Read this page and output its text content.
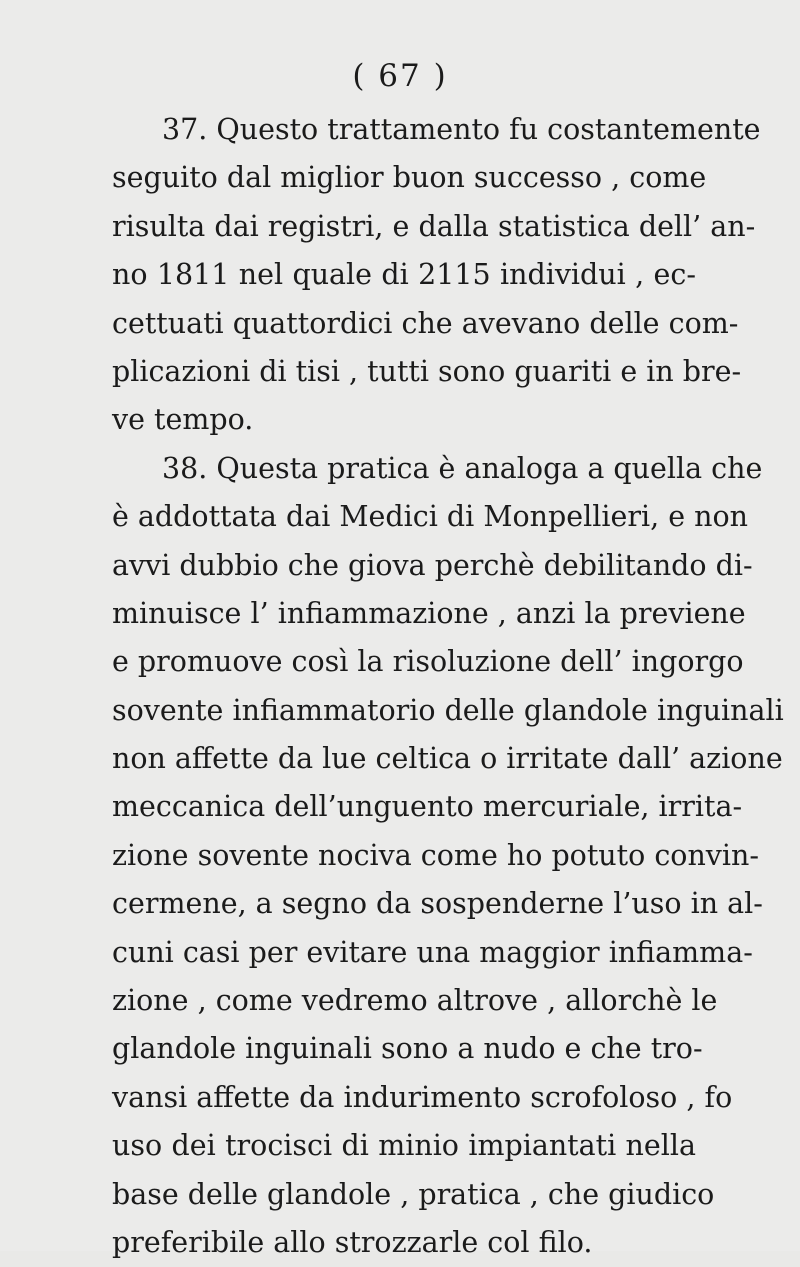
( 67 )
37. Questo trattamento fu costantemente
seguito dal miglior buon successo , come
risulta dai registri, e dalla statistica dell’ an-
no 1811 nel quale di 2115 individui , ec-
cettuati quattordici che avevano delle com-
plicazioni di tisi , tutti sono guariti e in bre-
ve tempo.
38. Questa pratica è analoga a quella che
è addottata dai Medici di Monpellieri, e non
avvi dubbio che giova perchè debilitando di-
minuisce l’ infiammazione , anzi la previene
e promuove così la risoluzione dell’ ingorgo
sovente infiammatorio delle glandole inguinali
non affette da lue celtica o irritate dall’ azione
meccanica dell’unguento mercuriale, irrita-
zione sovente nociva come ho potuto convin-
cermene, a segno da sospenderne l’uso in al-
cuni casi per evitare una maggior infiamma-
zione , come vedremo altrove , allorchè le
glandole inguinali sono a nudo e che tro-
vansi affette da indurimento scrofoloso , fo
uso dei trocisci di minio impiantati nella
base delle glandole , pratica , che giudico
preferibile allo strozzarle col filo.
